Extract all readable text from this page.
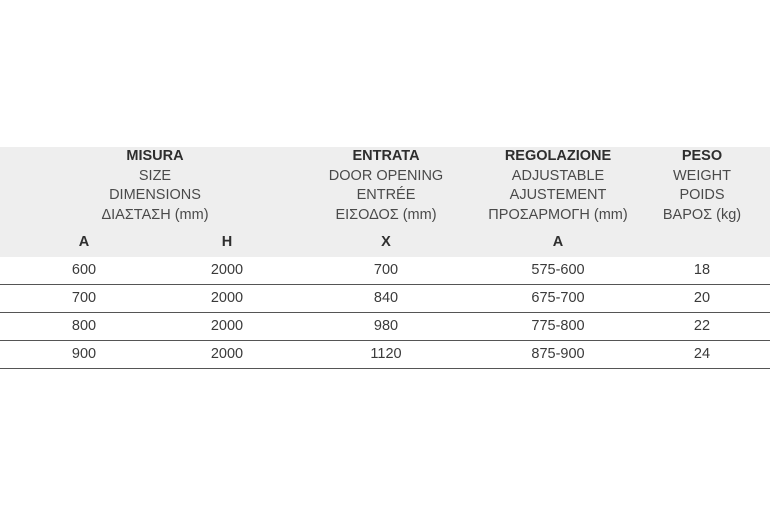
MISURA
SIZE
DIMENSIONS
ΔΙΑΣΤΑΣΗ (mm)
ENTRATA
DOOR OPENING
ENTRÉE
ΕΙΣΟΔΟΣ (mm)
REGOLAZIONE
ADJUSTABLE
AJUSTEMENT
ΠΡΟΣΑΡΜΟΓΗ (mm)
PESO
WEIGHT
POIDS
ΒΑΡΟΣ (kg)
A	H	X	A
600	2000	700	575-600	18
700	2000	840	675-700	20
800	2000	980	775-800	22
900	2000	1120	875-900	24
